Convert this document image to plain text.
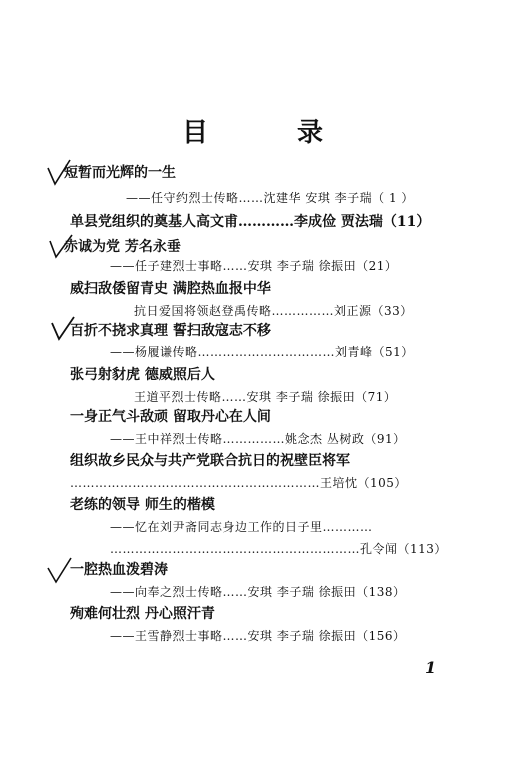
目 录
短暂而光辉的一生
——任守约烈士传略……沈建华 安琪 李子瑞（ 1 ）
单县党组织的奠基人高文甫…………李成俭 贾法瑞（11）
赤诚为党 芳名永垂
——任子建烈士事略……安琪 李子瑞 徐振田（21）
威扫敌倭留青史 满腔热血报中华
抗日爱国将领赵登禹传略……………刘正源（33）
百折不挠求真理 誓扫敌寇志不移
——杨履谦传略……………………………刘青峰（51）
张弓射豺虎 德威照后人
王道平烈士传略……安琪 李子瑞 徐振田（71）
一身正气斗敌顽 留取丹心在人间
——王中祥烈士传略……………姚念杰 丛树政（91）
组织故乡民众与共产党联合抗日的祝壁臣将军
……………………………………………………王培忱（105）
老练的领导 师生的楷模
——忆在刘尹斋同志身边工作的日子里…………
……………………………………………………孔令闻（113）
一腔热血泼碧涛
——向奉之烈士传略……安琪 李子瑞 徐振田（138）
殉难何壮烈 丹心照汗青
——王雪静烈士事略……安琪 李子瑞 徐振田（156）
1
